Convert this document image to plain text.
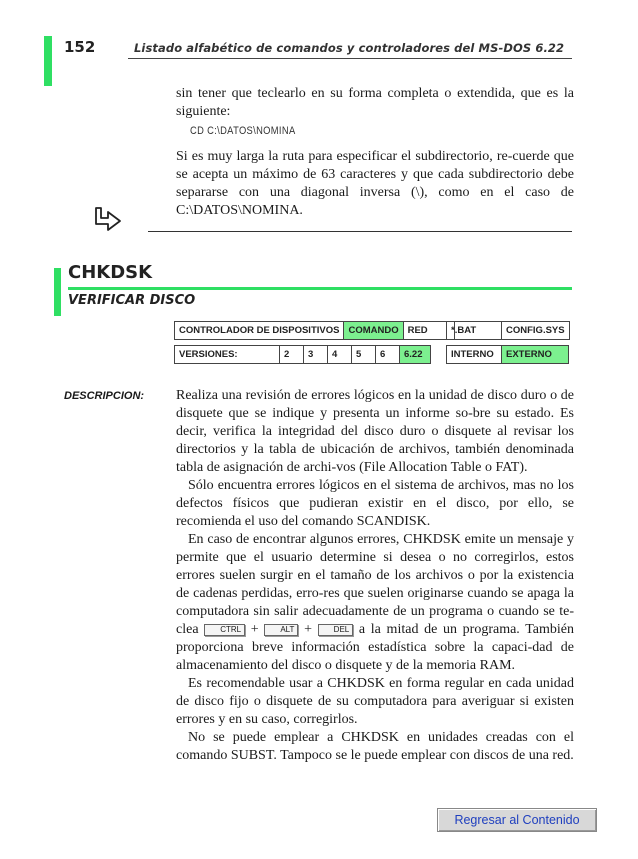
152	Listado alfabético de comandos y controladores del MS-DOS 6.22
sin tener que teclearlo en su forma completa o extendida, que es la siguiente:
CD C:\DATOS\NOMINA
Si es muy larga la ruta para especificar el subdirectorio, re-cuerde que se acepta un máximo de 63 caracteres y que cada subdirectorio debe separarse con una diagonal inversa (\), como en el caso de C:\DATOS\NOMINA.
CHKDSK
VERIFICAR DISCO
CONTROLADOR DE DISPOSITIVOS	COMANDO	RED *.BAT	CONFIG.SYS
VERSIONES:	2	3	4	5	6	6.22	INTERNO	EXTERNO
DESCRIPCION: Realiza una revisión de errores lógicos en la unidad de disco duro o de disquete que se indique y presenta un informe so-bre su estado. Es decir, verifica la integridad del disco duro o disquete al revisar los directorios y la tabla de ubicación de archivos, también denominada tabla de asignación de archi-vos (File Allocation Table o FAT).
Sólo encuentra errores lógicos en el sistema de archivos, mas no los defectos físicos que pudieran existir en el disco, por ello, se recomienda el uso del comando SCANDISK.
En caso de encontrar algunos errores, CHKDSK emite un mensaje y permite que el usuario determine si desea o no corregirlos, estos errores suelen surgir en el tamaño de los archivos o por la existencia de cadenas perdidas, erro-res que suelen originarse cuando se apaga la computadora sin salir adecuadamente de un programa o cuando se te-clea	CTRL +	ALT +	DEL a la mitad de un programa. También proporciona breve información estadística sobre la capaci-dad de almacenamiento del disco o disquete y de la memoria RAM.
Es recomendable usar a CHKDSK en forma regular en cada unidad de disco fijo o disquete de su computadora para averiguar si existen errores y en su caso, corregirlos.
No se puede emplear a CHKDSK en unidades creadas con el comando SUBST. Tampoco se le puede emplear con discos de una red.
Regresar al Contenido
